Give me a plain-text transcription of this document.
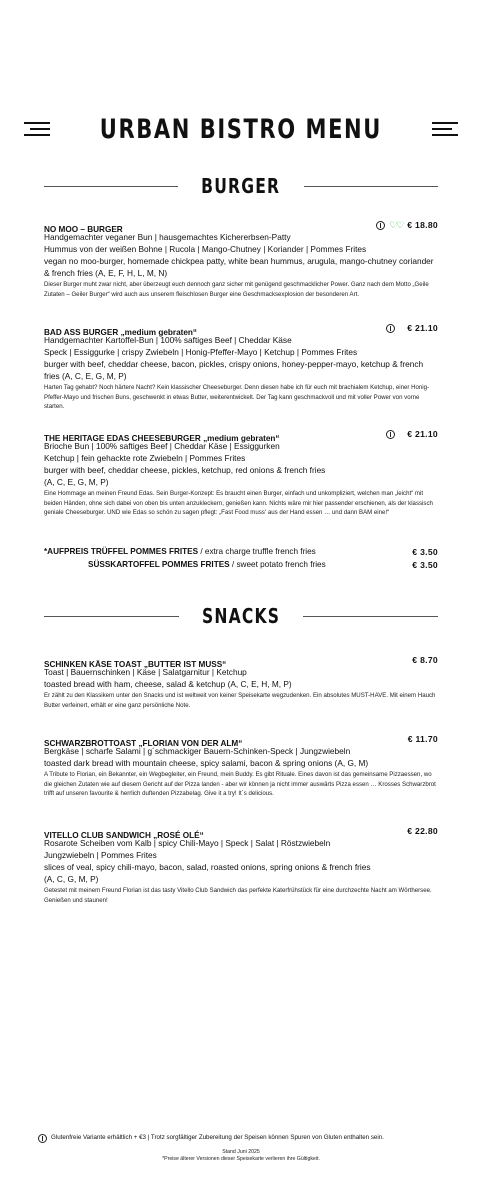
URBAN BISTRO MENU
BURGER
NO MOO – BURGER	♡♡ € 18.80
Handgemachter veganer Bun | hausgemachtes Kichererbsen-Patty
Hummus von der weißen Bohne | Rucola | Mango-Chutney | Koriander | Pommes Frites
vegan no moo-burger, homemade chickpea patty, white bean hummus, arugula, mango-chutney coriander & french fries (A, E, F, H, L, M, N)
Dieser Burger muht zwar nicht, aber überzeugt euch dennoch ganz sicher mit genügend geschmacklicher Power. Ganz nach dem Motto „Geile Zutaten – Geiler Burger“ wird auch aus unserem fleischlosen Burger eine Geschmacksexplosion der besonderen Art.
BAD ASS BURGER „medium gebraten“	€ 21.10
Handgemachter Kartoffel-Bun | 100% saftiges Beef | Cheddar Käse
Speck | Essiggurke | crispy Zwiebeln | Honig-Pfeffer-Mayo | Ketchup | Pommes Frites
burger with beef, cheddar cheese, bacon, pickles, crispy onions, honey-pepper-mayo, ketchup & french fries (A, C, E, G, M, P)
Harten Tag gehabt? Noch härtere Nacht? Kein klassischer Cheeseburger. Denn diesen habe ich für euch mit brachialem Ketchup, einer Honig-Pfeffer-Mayo und frischen Buns, geschwenkt in etwas Butter, weiterentwickelt. Der Tag kann geschmackvoll und mit voller Power von vorne starten.
THE HERITAGE EDAS CHEESEBURGER „medium gebraten“	€ 21.10
Brioche Bun | 100% saftiges Beef | Cheddar Käse | Essiggurken
Ketchup | fein gehackte rote Zwiebeln | Pommes Frites
burger with beef, cheddar cheese, pickles, ketchup, red onions & french fries
(A, C, E, G, M, P)
Eine Hommage an meinen Freund Edas. Sein Burger-Konzept: Es braucht einen Burger, einfach und unkompliziert, welchen man „leicht“ mit beiden Händen, ohne sich dabei von oben bis unten anzukleckern, genießen kann. Nichts wäre mir hier passender erschienen, als der klassisch geniale Cheeseburger. UND wie Edas so schön zu sagen pflegt: „Fast Food muss‘ aus der Hand essen … und dann BAM eine!“
*AUFPREIS TRÜFFEL POMMES FRITES / extra charge truffle french fries	€ 3.50
SÜSSKARTOFFEL POMMES FRITES / sweet potato french fries	€ 3.50
SNACKS
SCHINKEN KÄSE TOAST „BUTTER IST MUSS“	€ 8.70
Toast | Bauernschinken | Käse | Salatgarnitur | Ketchup
toasted bread with ham, cheese, salad & ketchup (A, C, E, H, M, P)
Er zählt zu den Klassikern unter den Snacks und ist weltweit von keiner Speisekarte wegzudenken. Ein absolutes MUST-HAVE. Mit einem Hauch Butter verfeinert, erhält er eine ganz persönliche Note.
SCHWARZBROTTOAST „FLORIAN VON DER ALM“	€ 11.70
Bergkäse | scharfe Salami | g´schmackiger Bauern-Schinken-Speck | Jungzwiebeln
toasted dark bread with mountain cheese, spicy salami, bacon & spring onions (A, G, M)
A Tribute to Florian, ein Bekannter, ein Wegbegleiter, ein Freund, mein Buddy. Es gibt Rituale. Eines davon ist das gemeinsame Pizzaessen, wo die gleichen Zutaten wie auf diesem Gericht auf der Pizza landen - aber wir können ja nicht immer auswärts Pizza essen … Krosses Schwarzbrot trifft auf unseren favourite & herrlich duftenden Pizzabelag. Give it a try! It´s delicious.
VITELLO CLUB SANDWICH „ROSÉ OLÉ“	€ 22.80
Rosarote Scheiben vom Kalb | spicy Chili-Mayo | Speck | Salat | Röstzwiebeln
Jungzwiebeln | Pommes Frites
slices of veal, spicy chili-mayo, bacon, salad, roasted onions, spring onions & french fries
(A, C, G, M, P)
Getestet mit meinem Freund Florian ist das tasty Vitello Club Sandwich das perfekte Katerfrühstück für eine durchzechte Nacht am Wörthersee. Genießen und staunen!
Glutenfreie Variante erhältlich + €3 | Trotz sorgfältiger Zubereitung der Speisen können Spuren von Gluten enthalten sein.
Stand Juni 2025
*Preise älterer Versionen dieser Speisekarte verlieren ihre Gültigkeit.
